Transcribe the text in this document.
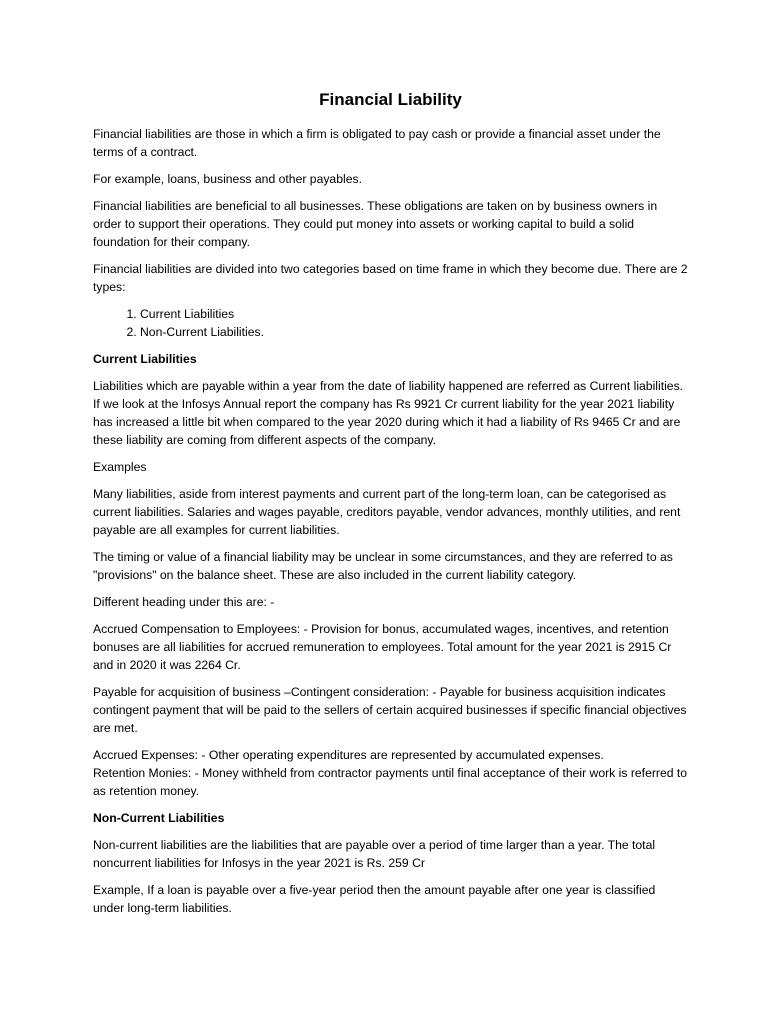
Financial Liability

Financial liabilities are those in which a firm is obligated to pay cash or provide a financial asset under the terms of a contract.

For example, loans, business and other payables.

Financial liabilities are beneficial to all businesses. These obligations are taken on by business owners in order to support their operations. They could put money into assets or working capital to build a solid foundation for their company.

Financial liabilities are divided into two categories based on time frame in which they become due. There are 2 types:

1. Current Liabilities
2. Non-Current Liabilities.

Current Liabilities

Liabilities which are payable within a year from the date of liability happened are referred as Current liabilities. If we look at the Infosys Annual report the company has Rs 9921 Cr current liability for the year 2021 liability has increased a little bit when compared to the year 2020 during which it had a liability of Rs 9465 Cr and are these liability are coming from different aspects of the company.

Examples

Many liabilities, aside from interest payments and current part of the long-term loan, can be categorised as current liabilities. Salaries and wages payable, creditors payable, vendor advances, monthly utilities, and rent payable are all examples for current liabilities.

The timing or value of a financial liability may be unclear in some circumstances, and they are referred to as "provisions" on the balance sheet. These are also included in the current liability category.

Different heading under this are: -

Accrued Compensation to Employees: - Provision for bonus, accumulated wages, incentives, and retention bonuses are all liabilities for accrued remuneration to employees. Total amount for the year 2021 is 2915 Cr and in 2020 it was 2264 Cr.

Payable for acquisition of business –Contingent consideration: - Payable for business acquisition indicates contingent payment that will be paid to the sellers of certain acquired businesses if specific financial objectives are met.

Accrued Expenses: - Other operating expenditures are represented by accumulated expenses.
Retention Monies: - Money withheld from contractor payments until final acceptance of their work is referred to as retention money.

Non-Current Liabilities

Non-current liabilities are the liabilities that are payable over a period of time larger than a year. The total noncurrent liabilities for Infosys in the year 2021 is Rs. 259 Cr

Example, If a loan is payable over a five-year period then the amount payable after one year is classified under long-term liabilities.
